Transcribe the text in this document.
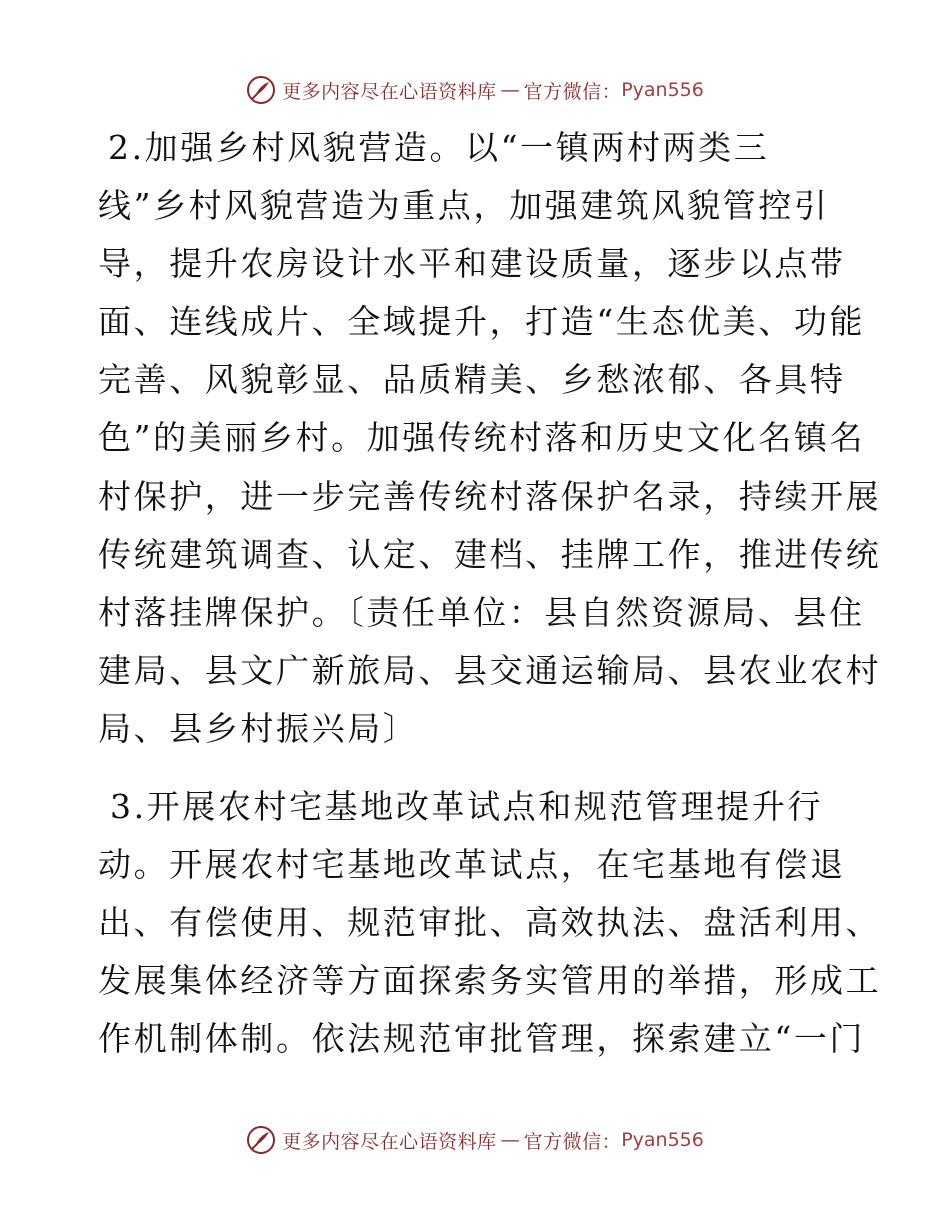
更多内容尽在心语资料库 — 官方微信： Pyan556
2.加强乡村风貌营造。以“一镇两村两类三
线”乡村风貌营造为重点，加强建筑风貌管控引
导，提升农房设计水平和建设质量，逐步以点带
面、连线成片、全域提升，打造“生态优美、功能
完善、风貌彰显、品质精美、乡愁浓郁、各具特
色”的美丽乡村。加强传统村落和历史文化名镇名
村保护，进一步完善传统村落保护名录，持续开展
传统建筑调查、认定、建档、挂牌工作，推进传统
村落挂牌保护。〔责任单位：县自然资源局、县住
建局、县文广新旅局、县交通运输局、县农业农村
局、县乡村振兴局〕
3.开展农村宅基地改革试点和规范管理提升行
动。开展农村宅基地改革试点，在宅基地有偿退
出、有偿使用、规范审批、高效执法、盘活利用、
发展集体经济等方面探索务实管用的举措，形成工
作机制体制。依法规范审批管理，探索建立“一门
更多内容尽在心语资料库 — 官方微信： Pyan556
